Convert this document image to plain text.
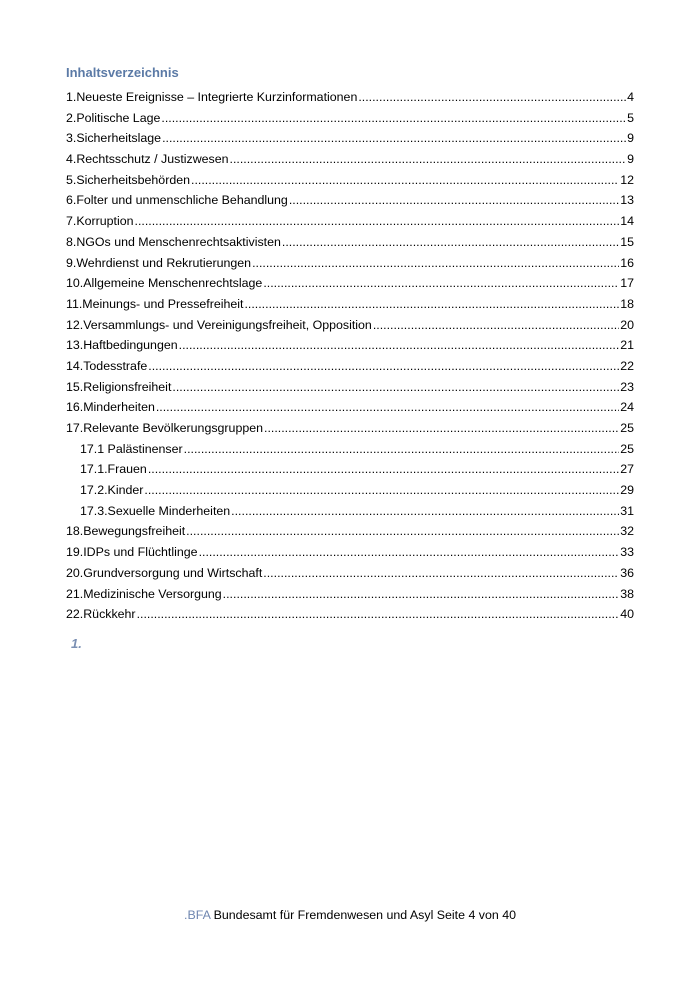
Inhaltsverzeichnis
1.Neueste Ereignisse – Integrierte Kurzinformationen .....	4
2.Politische Lage .....	5
3.Sicherheitslage .....	9
4.Rechtsschutz / Justizwesen .....	9
5.Sicherheitsbehörden .....	12
6.Folter und unmenschliche Behandlung .....	13
7.Korruption .....	14
8.NGOs und Menschenrechtsaktivisten .....	15
9.Wehrdienst und Rekrutierungen .....	16
10.Allgemeine Menschenrechtslage .....	17
11.Meinungs- und Pressefreiheit .....	18
12.Versammlungs- und Vereinigungsfreiheit, Opposition .....	20
13.Haftbedingungen .....	21
14.Todesstrafe .....	22
15.Religionsfreiheit .....	23
16.Minderheiten .....	24
17.Relevante Bevölkerungsgruppen .....	25
17.1 Palästinenser .....	25
17.1.Frauen .....	27
17.2.Kinder .....	29
17.3.Sexuelle Minderheiten .....	31
18.Bewegungsfreiheit .....	32
19.IDPs und Flüchtlinge .....	33
20.Grundversorgung und Wirtschaft .....	36
21.Medizinische Versorgung .....	38
22.Rückkehr .....	40
1.
.BFA Bundesamt für Fremdenwesen und Asyl Seite 4 von 40
